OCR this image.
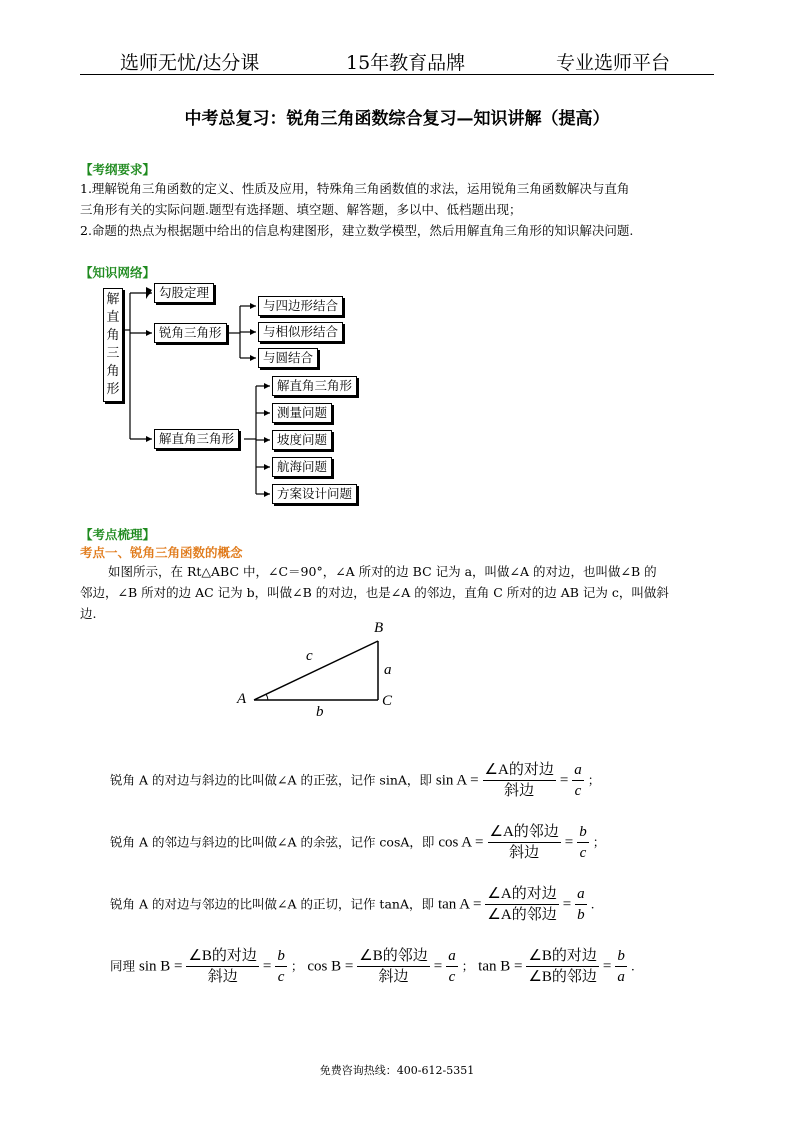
选师无忧/达分课	15年教育品牌	专业选师平台
中考总复习：锐角三角函数综合复习—知识讲解（提高）
【考纲要求】
1.理解锐角三角函数的定义、性质及应用，特殊角三角函数值的求法，运用锐角三角函数解决与直角
三角形有关的实际问题.题型有选择题、填空题、解答题，多以中、低档题出现；
2.命题的热点为根据题中给出的信息构建图形，建立数学模型，然后用解直角三角形的知识解决问题.
【知识网络】
解
直
角
三
角
形
勾股定理
锐角三角形
解直角三角形
与四边形结合
与相似形结合
与圆结合
解直角三角形
测量问题
坡度问题
航海问题
方案设计问题
【考点梳理】
考点一、锐角三角函数的概念
如图所示，在 Rt△ABC 中，∠C＝90°，∠A 所对的边 BC 记为 a，叫做∠A 的对边，也叫做∠B 的
邻边，∠B 所对的边 AC 记为 b，叫做∠B 的对边，也是∠A 的邻边，直角 C 所对的边 AB 记为 c，叫做斜
边.
B
A	C
a
b
c
锐角 A 的对边与斜边的比叫做∠A 的正弦，记作 sinA，即 $\sin A = \frac{\text{∠A的对边}}{\text{斜边}} = \frac{a}{c}$ ；
锐角 A 的邻边与斜边的比叫做∠A 的余弦，记作 cosA，即 $\cos A = \frac{\text{∠A的邻边}}{\text{斜边}} = \frac{b}{c}$ ；
锐角 A 的对边与邻边的比叫做∠A 的正切，记作 tanA，即 $\tan A = \frac{\text{∠A的对边}}{\text{∠A的邻边}} = \frac{a}{b}$ .
同理 $\sin B = \frac{\text{∠B的对边}}{\text{斜边}} = \frac{b}{c}$ ； $\cos B = \frac{\text{∠B的邻边}}{\text{斜边}} = \frac{a}{c}$ ； $\tan B = \frac{\text{∠B的对边}}{\text{∠B的邻边}} = \frac{b}{a}$ .
免费咨询热线：400-612-5351
